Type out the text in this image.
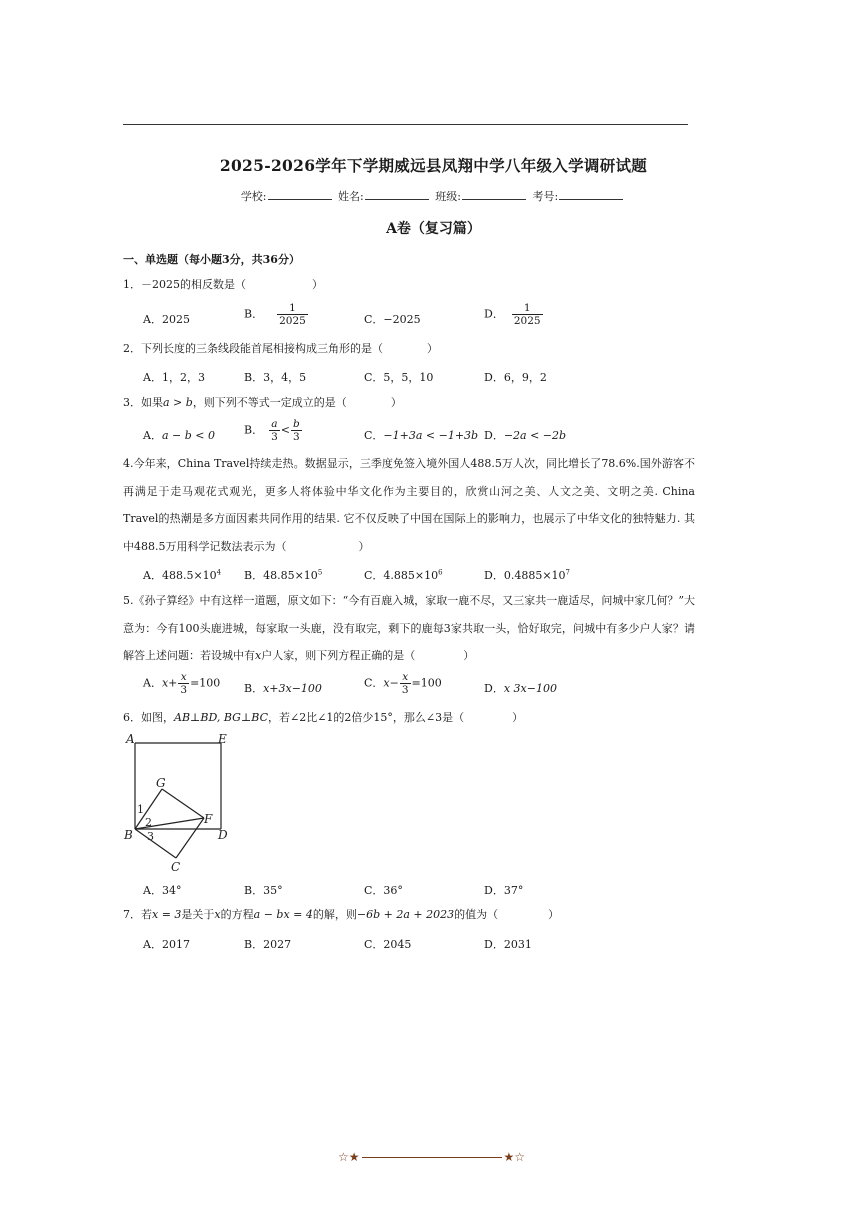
2025-2026学年下学期威远县凤翔中学八年级入学调研试题
学校:	姓名:	班级:	考号:
A卷（复习篇）
一、单选题（每小题3分，共36分）
1．－2025的相反数是（	）
A．2025	B． $\frac{1}{2025}$	C．−2025	D． $\frac{1}{2025}$
2．下列长度的三条线段能首尾相接构成三角形的是（	）
A．1，2，3	B．3，4，5	C．5，5，10	D．6，9，2
3．如果a > b，则下列不等式一定成立的是（	）
A．a − b < 0	B． $\frac{a}{3} < \frac{b}{3}$	C．−1+3a < −1+3b D．−2a < −2b
4.今年来，China Travel持续走热。数据显示，三季度免签入境外国人488.5万人次，同比增长了78.6%.国外游客不再满足于走马观花式观光，更多人将体验中华文化作为主要目的，欣赏山河之美、人文之美、文明之美. China Travel的热潮是多方面因素共同作用的结果. 它不仅反映了中国在国际上的影响力，也展示了中华文化的独特魅力. 其中488.5万用科学记数法表示为（	）
A．$488.5\times 10^4$ B．$48.85\times 10^5$	C．$4.885\times 10^6$	D．$0.4885\times 10^7$
5.《孙子算经》中有这样一道题，原文如下：“今有百鹿入城，家取一鹿不尽，又三家共一鹿适尽，问城中家几何？”大意为：今有100头鹿进城，每家取一头鹿，没有取完，剩下的鹿每3家共取一头，恰好取完，问城中有多少户人家？请解答上述问题：若设城中有x户人家，则下列方程正确的是（	）
A．$x+ \frac{x}{3} =100$ B．x+3x−100	C．$x- \frac{x}{3} =100$	D．x 3x−100
6．如图，AB⊥BD, BG⊥BC，若∠2比∠1的2倍少15°，那么∠3是（	）
A	E
G
F
B	D
C
1
2
3
A．34°	B．35°	C．36°	D．37°
7．若x = 3是关于x的方程a − bx = 4的解，则−6b + 2a + 2023的值为（	）
A．2017	B．2027	C．2045	D．2031
☆★	★☆
